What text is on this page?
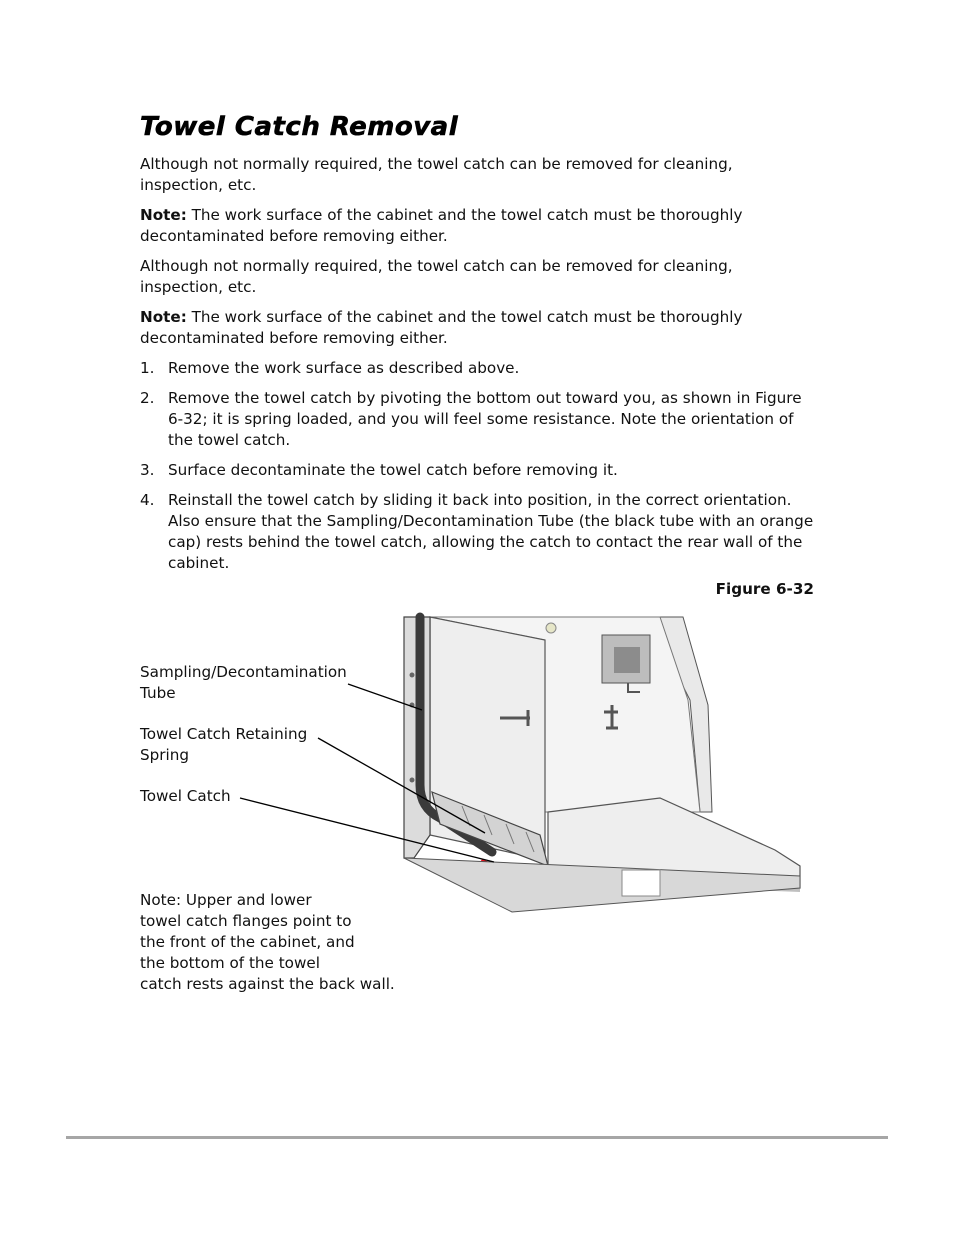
Towel Catch Removal

Although not normally required, the towel catch can be removed for cleaning, inspection, etc.

Note: The work surface of the cabinet and the towel catch must be thoroughly decontaminated before removing either.

Although not normally required, the towel catch can be removed for cleaning, inspection, etc.

Note: The work surface of the cabinet and the towel catch must be thoroughly decontaminated before removing either.

1. Remove the work surface as described above.
2. Remove the towel catch by pivoting the bottom out toward you, as shown in Figure 6-32; it is spring loaded, and you will feel some resistance. Note the orientation of the towel catch.
3. Surface decontaminate the towel catch before removing it.
4. Reinstall the towel catch by sliding it back into position, in the correct orientation. Also ensure that the Sampling/Decontamination Tube (the black tube with an orange cap) rests behind the towel catch, allowing the catch to contact the rear wall of the cabinet.
Figure 6-32
Sampling/Decontamination
Tube
Towel Catch Retaining
Spring
Towel Catch
Note: Upper and lower
towel catch flanges point to
the front of the cabinet, and
the bottom of the towel
catch rests against the back wall.
